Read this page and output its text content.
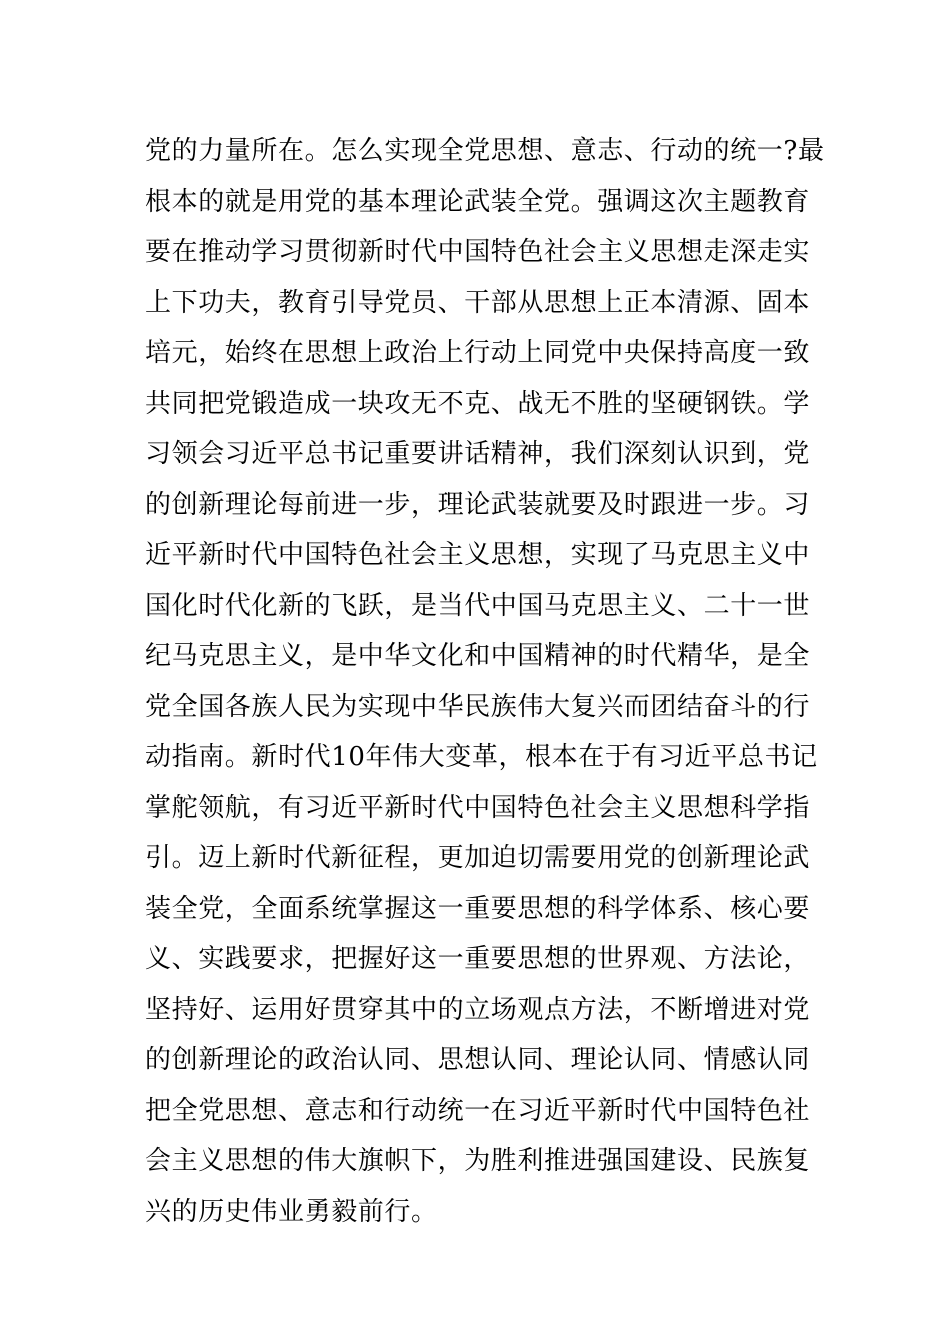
党的力量所在。怎么实现全党思想、意志、行动的统一?最
根本的就是用党的基本理论武装全党。强调这次主题教育
要在推动学习贯彻新时代中国特色社会主义思想走深走实
上下功夫，教育引导党员、干部从思想上正本清源、固本
培元，始终在思想上政治上行动上同党中央保持高度一致
共同把党锻造成一块攻无不克、战无不胜的坚硬钢铁。学
习领会习近平总书记重要讲话精神，我们深刻认识到，党
的创新理论每前进一步，理论武装就要及时跟进一步。习
近平新时代中国特色社会主义思想，实现了马克思主义中
国化时代化新的飞跃，是当代中国马克思主义、二十一世
纪马克思主义，是中华文化和中国精神的时代精华，是全
党全国各族人民为实现中华民族伟大复兴而团结奋斗的行
动指南。新时代10年伟大变革，根本在于有习近平总书记
掌舵领航，有习近平新时代中国特色社会主义思想科学指
引。迈上新时代新征程，更加迫切需要用党的创新理论武
装全党，全面系统掌握这一重要思想的科学体系、核心要
义、实践要求，把握好这一重要思想的世界观、方法论，
坚持好、运用好贯穿其中的立场观点方法，不断增进对党
的创新理论的政治认同、思想认同、理论认同、情感认同
把全党思想、意志和行动统一在习近平新时代中国特色社
会主义思想的伟大旗帜下，为胜利推进强国建设、民族复
兴的历史伟业勇毅前行。
